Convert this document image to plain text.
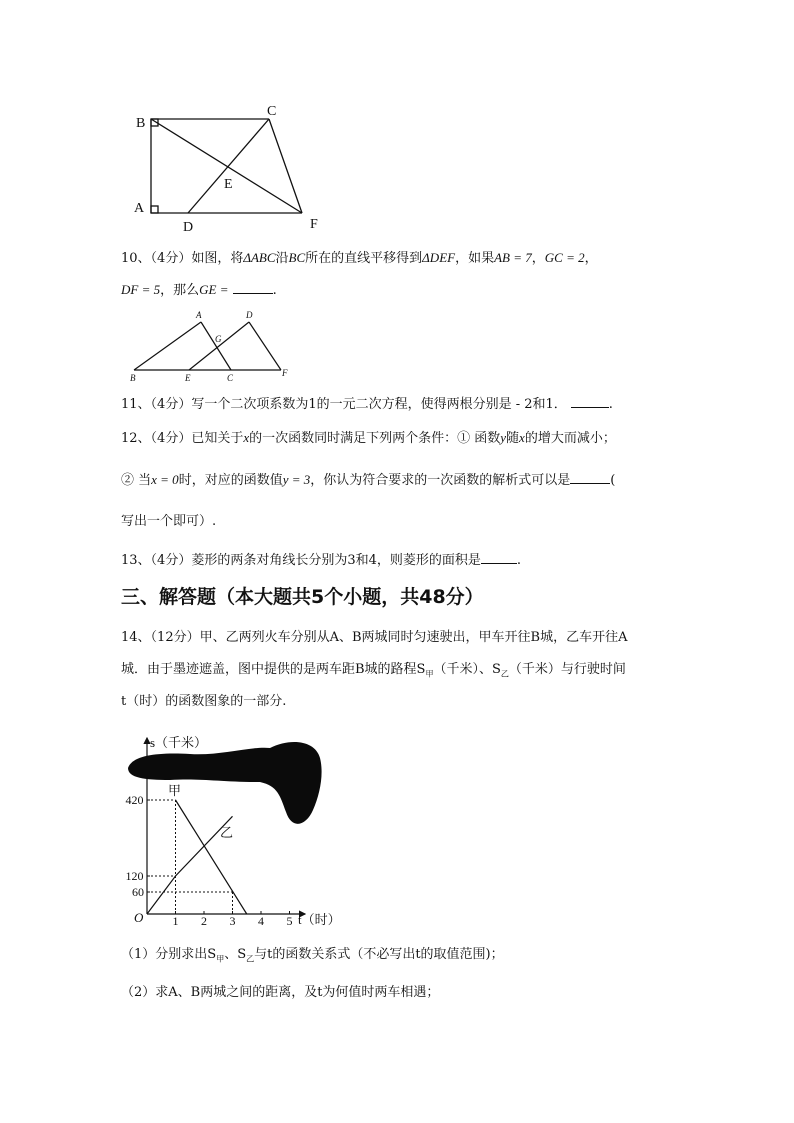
B
C
A
D
E
F
10、（4分）如图，将ΔABC沿BC所在的直线平移得到ΔDEF，如果AB = 7，GC = 2，
DF = 5，那么GE =	.
A	D
G
B	E	C	F
11、（4分）写一个二次项系数为1的一元二次方程，使得两根分别是 - 2和1．	.
12、（4分）已知关于x的一次函数同时满足下列两个条件：① 函数y随x的增大而减小；
② 当x = 0时，对应的函数值y = 3，你认为符合要求的一次函数的解析式可以是	(
写出一个即可）.
13、（4分）菱形的两条对角线长分别为3和4，则菱形的面积是	.
三、解答题（本大题共5个小题，共48分）
14、（12分）甲、乙两列火车分别从A、B两城同时匀速驶出，甲车开往B城，乙车开往A
城．由于墨迹遮盖，图中提供的是两车距B城的路程$S_甲$（千米）、$S_乙$（千米）与行驶时间
t（时）的函数图象的一部分.
s（千米）
t（时）
O 1 2 3 4 5
420
120
60
甲
乙
（1）分别求出$S_甲$、$S_乙$与t的函数关系式（不必写出t的取值范围)；
（2）求A、B两城之间的距离，及t为何值时两车相遇；
